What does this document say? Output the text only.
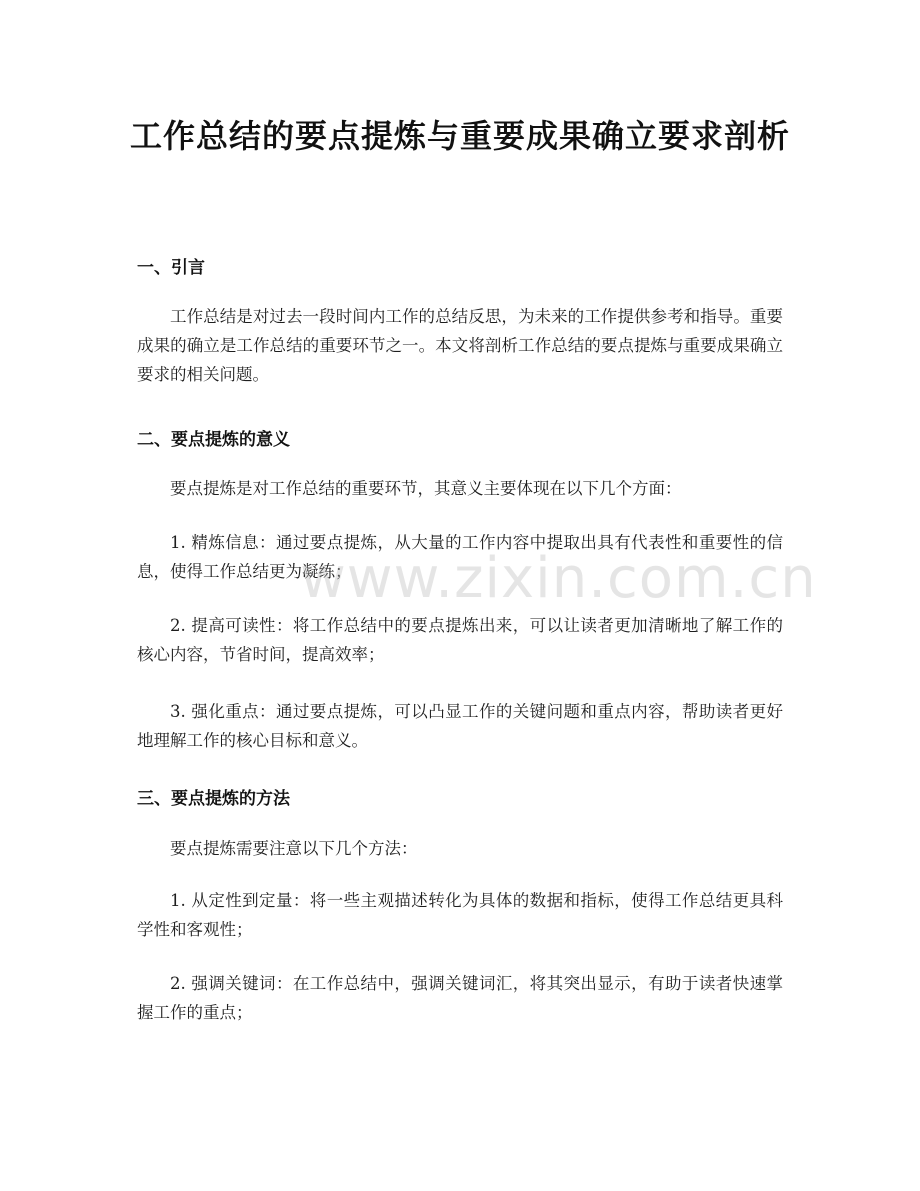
工作总结的要点提炼与重要成果确立要求剖析
一、引言

工作总结是对过去一段时间内工作的总结反思，为未来的工作提供参考和指导。重要成果的确立是工作总结的重要环节之一。本文将剖析工作总结的要点提炼与重要成果确立要求的相关问题。

二、要点提炼的意义

要点提炼是对工作总结的重要环节，其意义主要体现在以下几个方面：

1. 精炼信息：通过要点提炼，从大量的工作内容中提取出具有代表性和重要性的信息，使得工作总结更为凝练；

2. 提高可读性：将工作总结中的要点提炼出来，可以让读者更加清晰地了解工作的核心内容，节省时间，提高效率；

3. 强化重点：通过要点提炼，可以凸显工作的关键问题和重点内容，帮助读者更好地理解工作的核心目标和意义。

三、要点提炼的方法

要点提炼需要注意以下几个方法：

1. 从定性到定量：将一些主观描述转化为具体的数据和指标，使得工作总结更具科学性和客观性；

2. 强调关键词：在工作总结中，强调关键词汇，将其突出显示，有助于读者快速掌握工作的重点；

www.zixin.com.cn
